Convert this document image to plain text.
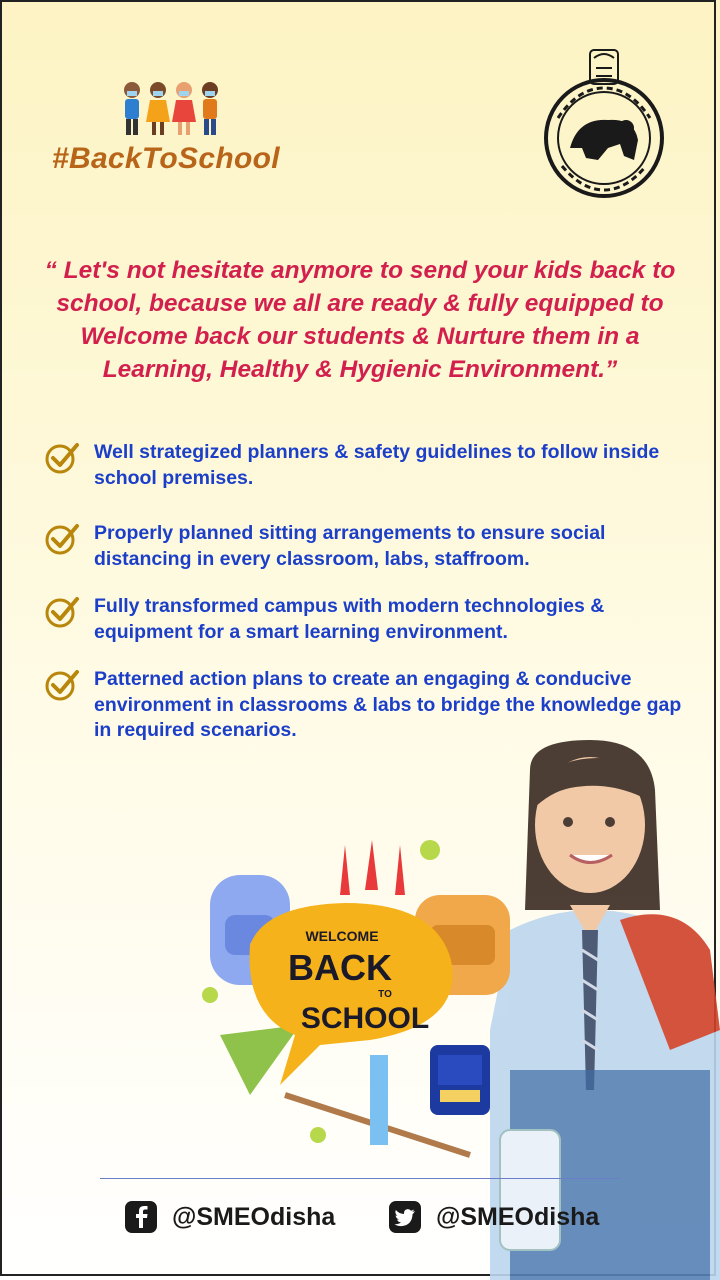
#BackToSchool
“ Let's not hesitate anymore to send your kids back to school, because we all are ready & fully equipped to Welcome back our students & Nurture them in a Learning, Healthy & Hygienic Environment.”
Well strategized planners & safety guidelines to follow inside school premises.
Properly planned sitting arrangements to ensure social distancing in every classroom, labs, staffroom.
Fully transformed campus with modern technologies & equipment for a smart learning environment.
Patterned action plans to create an engaging & conducive environment in classrooms & labs to bridge the knowledge gap in required scenarios.
WELCOME
BACK
TO
SCHOOL
@SMEOdisha	@SMEOdisha
